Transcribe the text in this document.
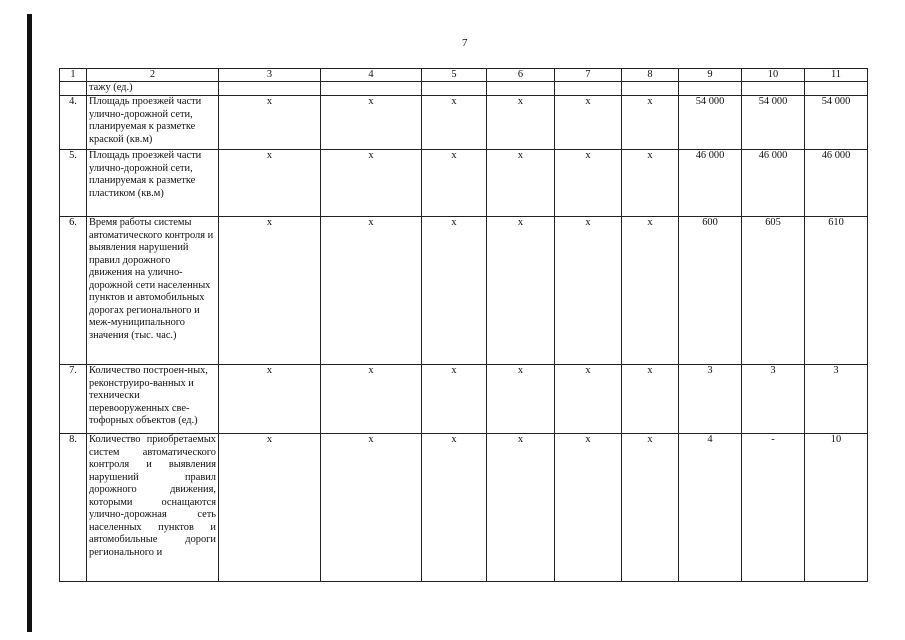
7
1	2	3	4	5	6	7	8	9	10	11
	тажу (ед.)									
4.	Площадь проезжей части улично-дорожной сети, планируемая к разметке краской (кв.м)	х	х	х	х	х	х	54 000	54 000	54 000
5.	Площадь проезжей части улично-дорожной сети, планируемая к разметке пластиком (кв.м)	х	х	х	х	х	х	46 000	46 000	46 000
6.	Время работы системы автоматического контроля и выявления нарушений правил дорожного движения на улично-дорожной сети населенных пунктов и автомобильных дорогах регионального и меж-муниципального значения (тыс. час.)	х	х	х	х	х	х	600	605	610
7.	Количество построен-ных, реконструиро-ванных и технически перевооруженных све-тофорных объектов (ед.)	х	х	х	х	х	х	3	3	3
8.	Количество приобретаемых систем автоматического контроля и выявления нарушений правил дорожного движения, которыми оснащаются улично-дорожная сеть населенных пунктов и автомобильные дороги регионального и	х	х	х	х	х	х	4	-	10
